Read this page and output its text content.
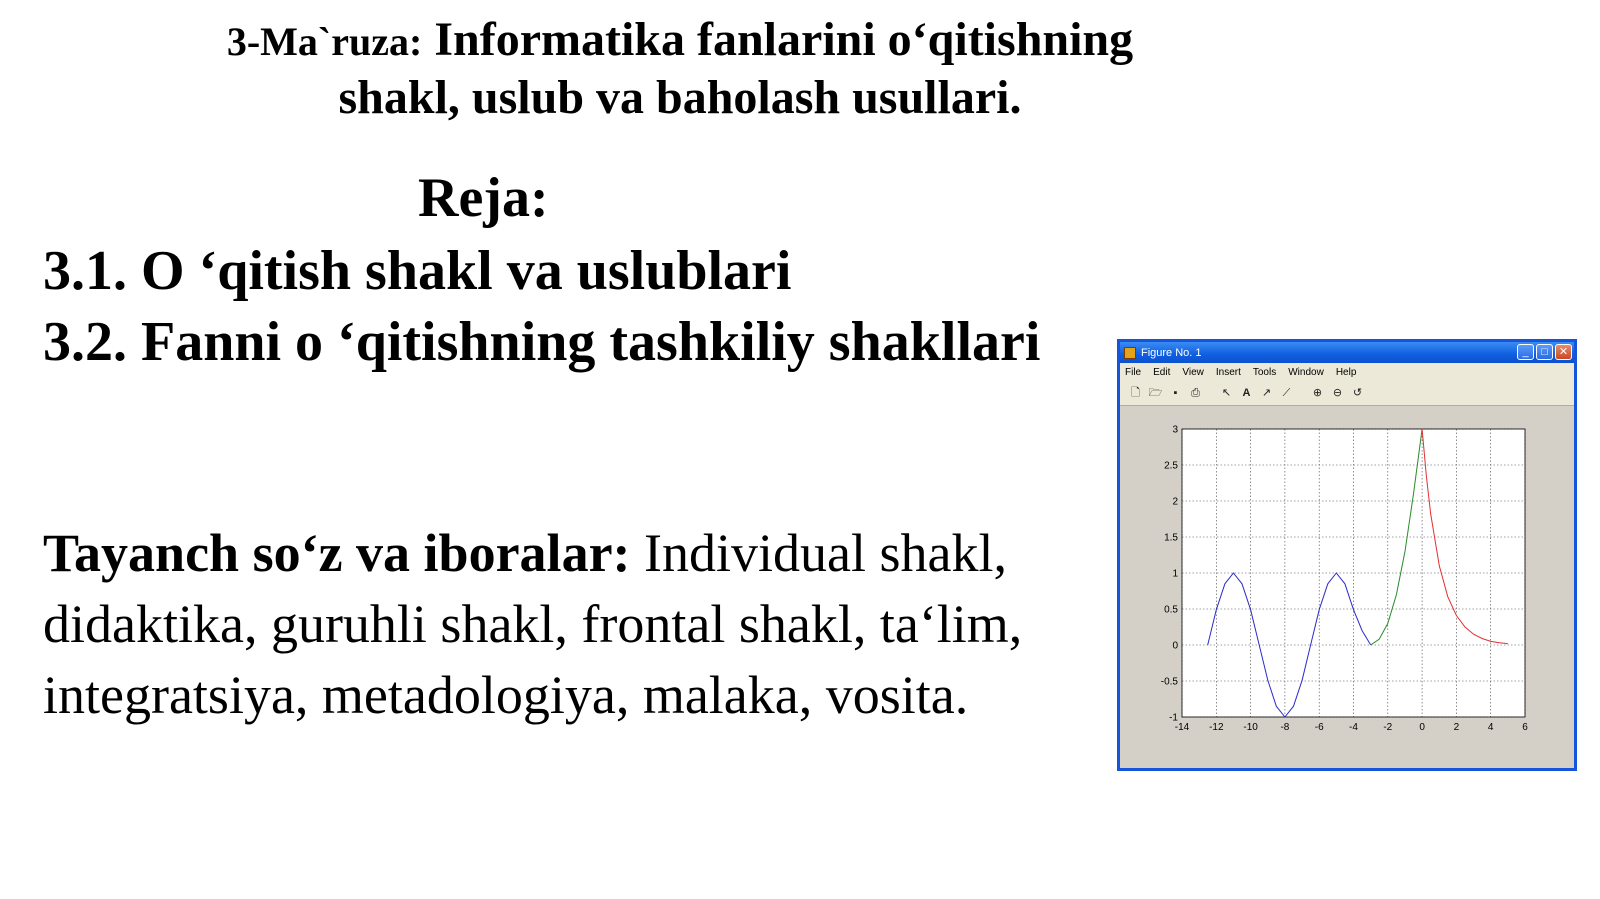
3-Ma`ruza: Informatika fanlarini o‘qitishning
shakl, uslub va baholash usullari.
Reja:
3.1. O ‘qitish shakl va uslublari
3.2. Fanni o ‘qitishning tashkiliy shakllari
Tayanch so‘z va iboralar: Individual shakl, didaktika, guruhli shakl, frontal shakl, ta‘lim, integratsiya, metadologiya, malaka, vosita.
Figure No. 1	_	□	✕
File Edit View Insert Tools Window Help
🗋 🗁	▪	⎙ ↖	A	↗	⟋	⊕ ⊖ ↺
-14 -12 -10 -8	-6	-4	-2	0	2	4	6
-1
-0.5
0
0.5
1
1.5
2
2.5
3
